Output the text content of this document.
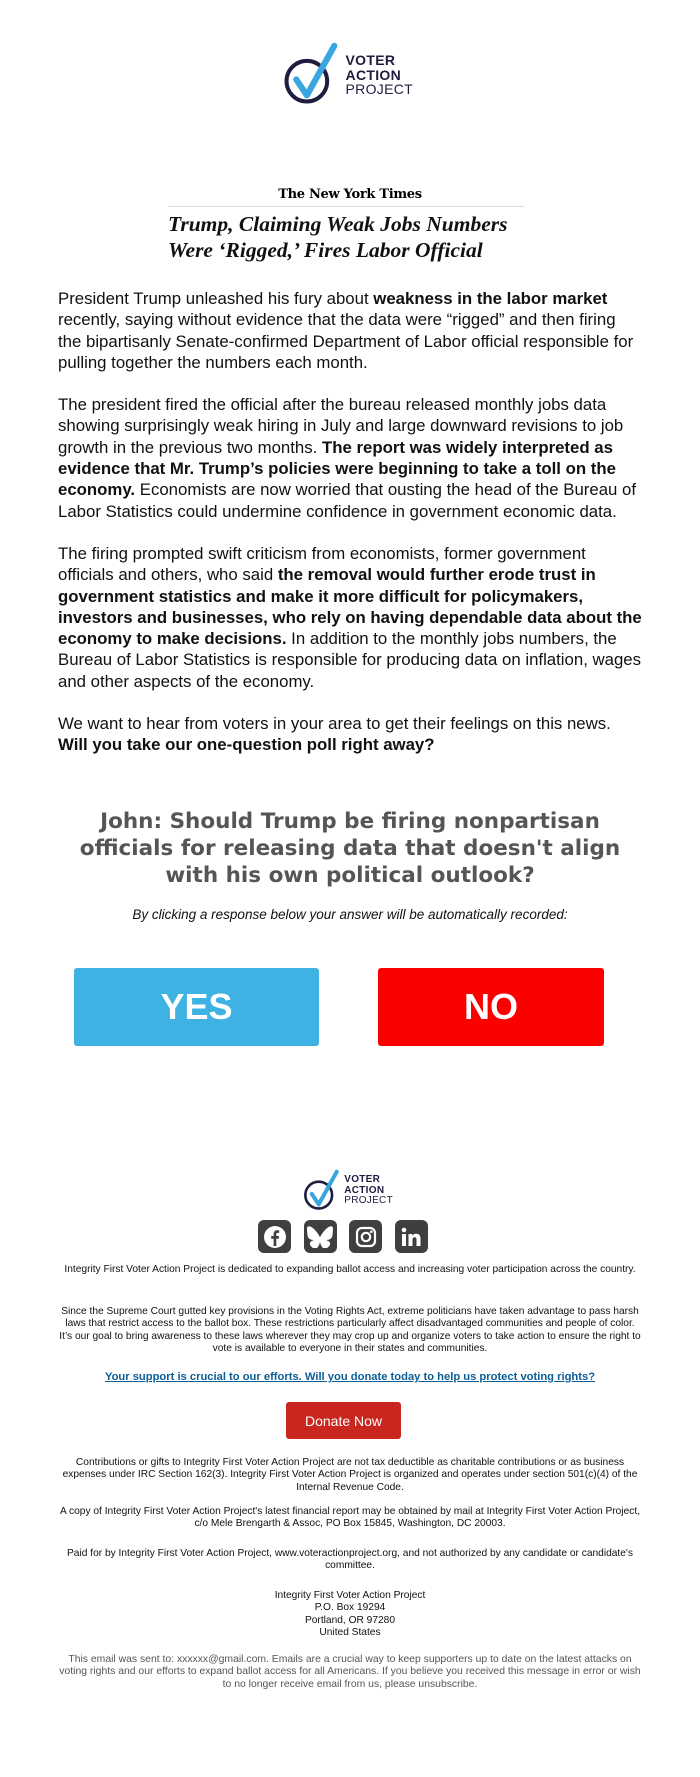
VOTER
ACTION
PROJECT
The New York Times
Trump, Claiming Weak Jobs Numbers
Were ‘Rigged,’ Fires Labor Official

President Trump unleashed his fury about weakness in the labor market recently, saying without evidence that the data were “rigged” and then firing the bipartisanly Senate-confirmed Department of Labor official responsible for pulling together the numbers each month.

The president fired the official after the bureau released monthly jobs data showing surprisingly weak hiring in July and large downward revisions to job growth in the previous two months. The report was widely interpreted as evidence that Mr. Trump’s policies were beginning to take a toll on the economy. Economists are now worried that ousting the head of the Bureau of Labor Statistics could undermine confidence in government economic data.

The firing prompted swift criticism from economists, former government officials and others, who said the removal would further erode trust in government statistics and make it more difficult for policymakers, investors and businesses, who rely on having dependable data about the economy to make decisions. In addition to the monthly jobs numbers, the Bureau of Labor Statistics is responsible for producing data on inflation, wages and other aspects of the economy.

We want to hear from voters in your area to get their feelings on this news. Will you take our one-question poll right away?

John: Should Trump be firing nonpartisan officials for releasing data that doesn't align with his own political outlook?
By clicking a response below your answer will be automatically recorded:
YES	NO
VOTER
ACTION
PROJECT
Integrity First Voter Action Project is dedicated to expanding ballot access and increasing voter participation across the country.
Since the Supreme Court gutted key provisions in the Voting Rights Act, extreme politicians have taken advantage to pass harsh laws that restrict access to the ballot box. These restrictions particularly affect disadvantaged communities and people of color. It’s our goal to bring awareness to these laws wherever they may crop up and organize voters to take action to ensure the right to vote is available to everyone in their states and communities.
Your support is crucial to our efforts. Will you donate today to help us protect voting rights?
Donate Now
Contributions or gifts to Integrity First Voter Action Project are not tax deductible as charitable contributions or as business expenses under IRC Section 162(3). Integrity First Voter Action Project is organized and operates under section 501(c)(4) of the Internal Revenue Code.
A copy of Integrity First Voter Action Project's latest financial report may be obtained by mail at Integrity First Voter Action Project, c/o Mele Brengarth & Assoc, PO Box 15845, Washington, DC 20003.
Paid for by Integrity First Voter Action Project, www.voteractionproject.org, and not authorized by any candidate or candidate's committee.
Integrity First Voter Action Project
P.O. Box 19294
Portland, OR 97280
United States
This email was sent to: xxxxxx@gmail.com. Emails are a crucial way to keep supporters up to date on the latest attacks on voting rights and our efforts to expand ballot access for all Americans. If you believe you received this message in error or wish to no longer receive email from us, please unsubscribe.
